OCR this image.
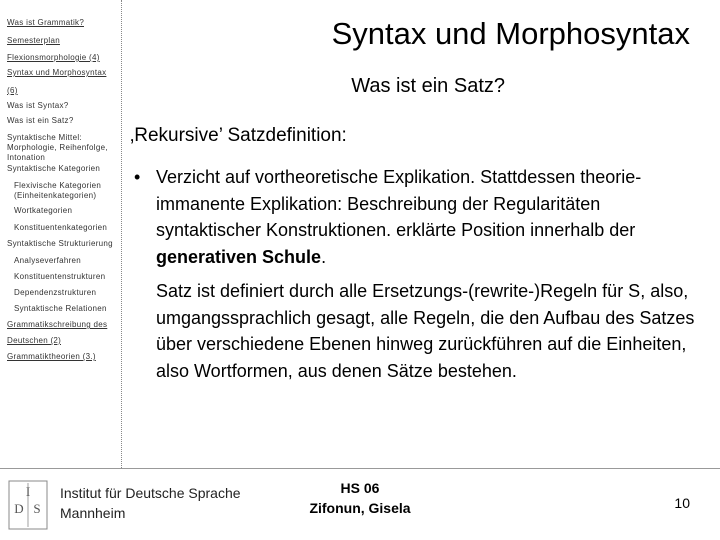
Was ist Grammatik?
Semesterplan
Flexionsmorphologie (4)
Syntax und Morphosyntax
(6)
Was ist Syntax?
Was ist ein Satz?
Syntaktische Mittel: Morphologie, Reihenfolge, Intonation
Syntaktische Kategorien
Flexivische Kategorien (Einheitenkategorien)
Wortkategorien
Konstituentenkategorien
Syntaktische Strukturierung
Analyseverfahren
Konstituentenstrukturen
Dependenzstrukturen
Syntaktische Relationen
Grammatikschreibung des
Deutschen (2)
Grammatiktheorien (3.)
Syntax und Morphosyntax
Was ist ein Satz?
‚Rekursive’ Satzdefinition:
• Verzicht auf vortheoretische Explikation. Stattdessen theorie-immanente Explikation: Beschreibung der Regularitäten syntaktischer Konstruktionen. erklärte Position innerhalb der generativen Schule.
Satz ist definiert durch alle Ersetzungs-(rewrite-)Regeln für S, also, umgangssprachlich gesagt, alle Regeln, die den Aufbau des Satzes über verschiedene Ebenen hinweg zurückführen auf die Einheiten, also Wortformen, aus denen Sätze bestehen.
I
D S
Institut für Deutsche Sprache
Mannheim
HS 06
Zifonun, Gisela	10
